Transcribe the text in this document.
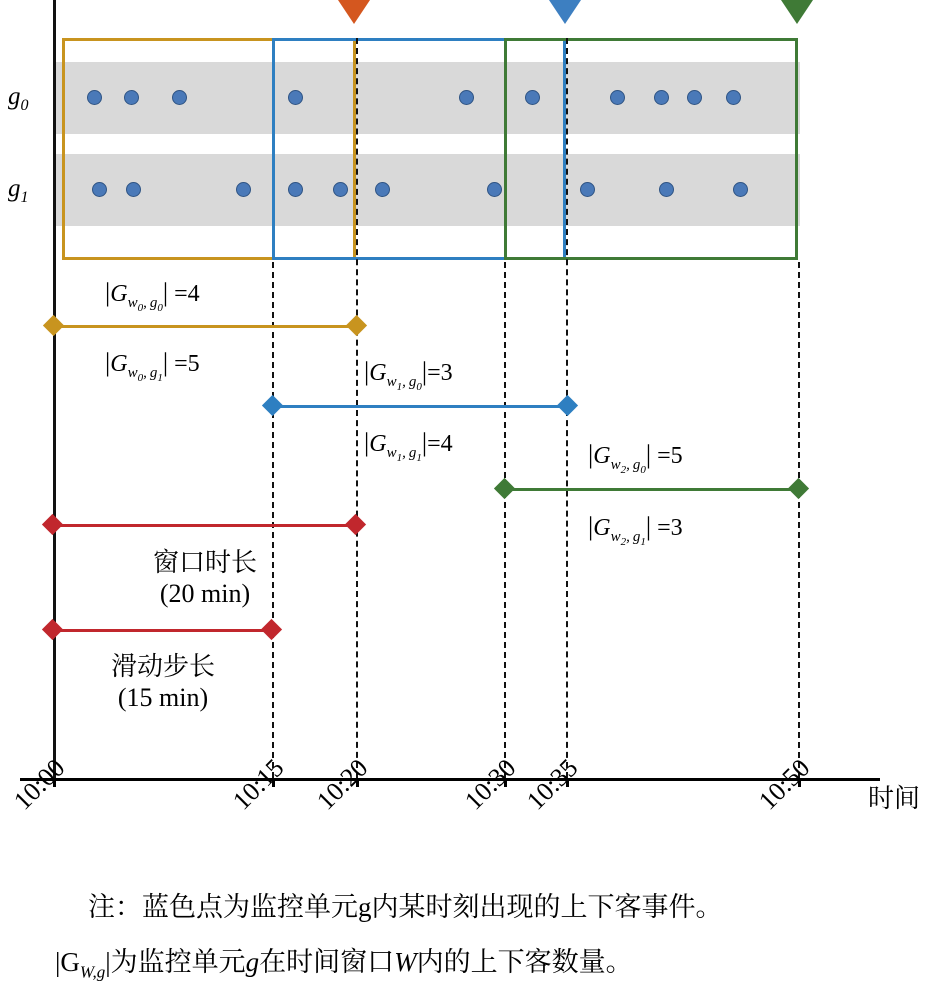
$g_0$
$g_1$
$|G_{w_0, g_0}| =4$
$|G_{w_0, g_1}| =5$	$|G_{w_1, g_0}|=3$
$|G_{w_1, g_1}|=4$	$|G_{w_2, g_0}| =5$
$|G_{w_2, g_1}| =3$
窗口时长
(20 min)
滑动步长
(15 min)
10:00	10:15 10:20	10:30 10:35	10:50 时间
注：蓝色点为监控单元g内某时刻出现的上下客事件。
$|G_{W,g}|$为监控单元g在时间窗口W内的上下客数量。
